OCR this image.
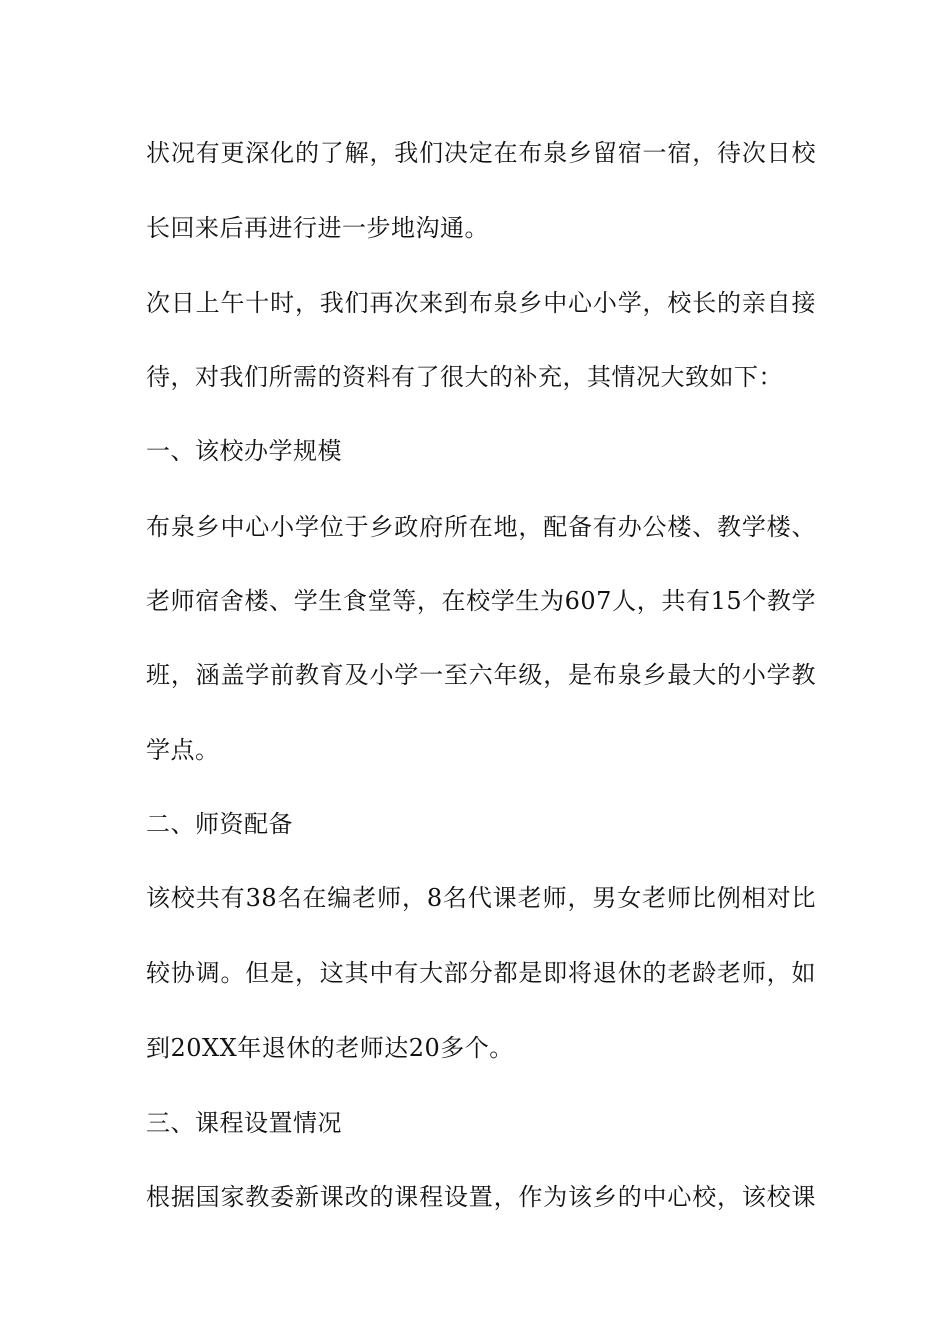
状况有更深化的了解，我们决定在布泉乡留宿一宿，待次日校
长回来后再进行进一步地沟通。
次日上午十时，我们再次来到布泉乡中心小学，校长的亲自接
待，对我们所需的资料有了很大的补充，其情况大致如下：
一、该校办学规模
布泉乡中心小学位于乡政府所在地，配备有办公楼、教学楼、
老师宿舍楼、学生食堂等，在校学生为607人，共有15个教学
班，涵盖学前教育及小学一至六年级，是布泉乡最大的小学教
学点。
二、师资配备
该校共有38名在编老师，8名代课老师，男女老师比例相对比
较协调。但是，这其中有大部分都是即将退休的老龄老师，如
到20XX年退休的老师达20多个。
三、课程设置情况
根据国家教委新课改的课程设置，作为该乡的中心校，该校课
